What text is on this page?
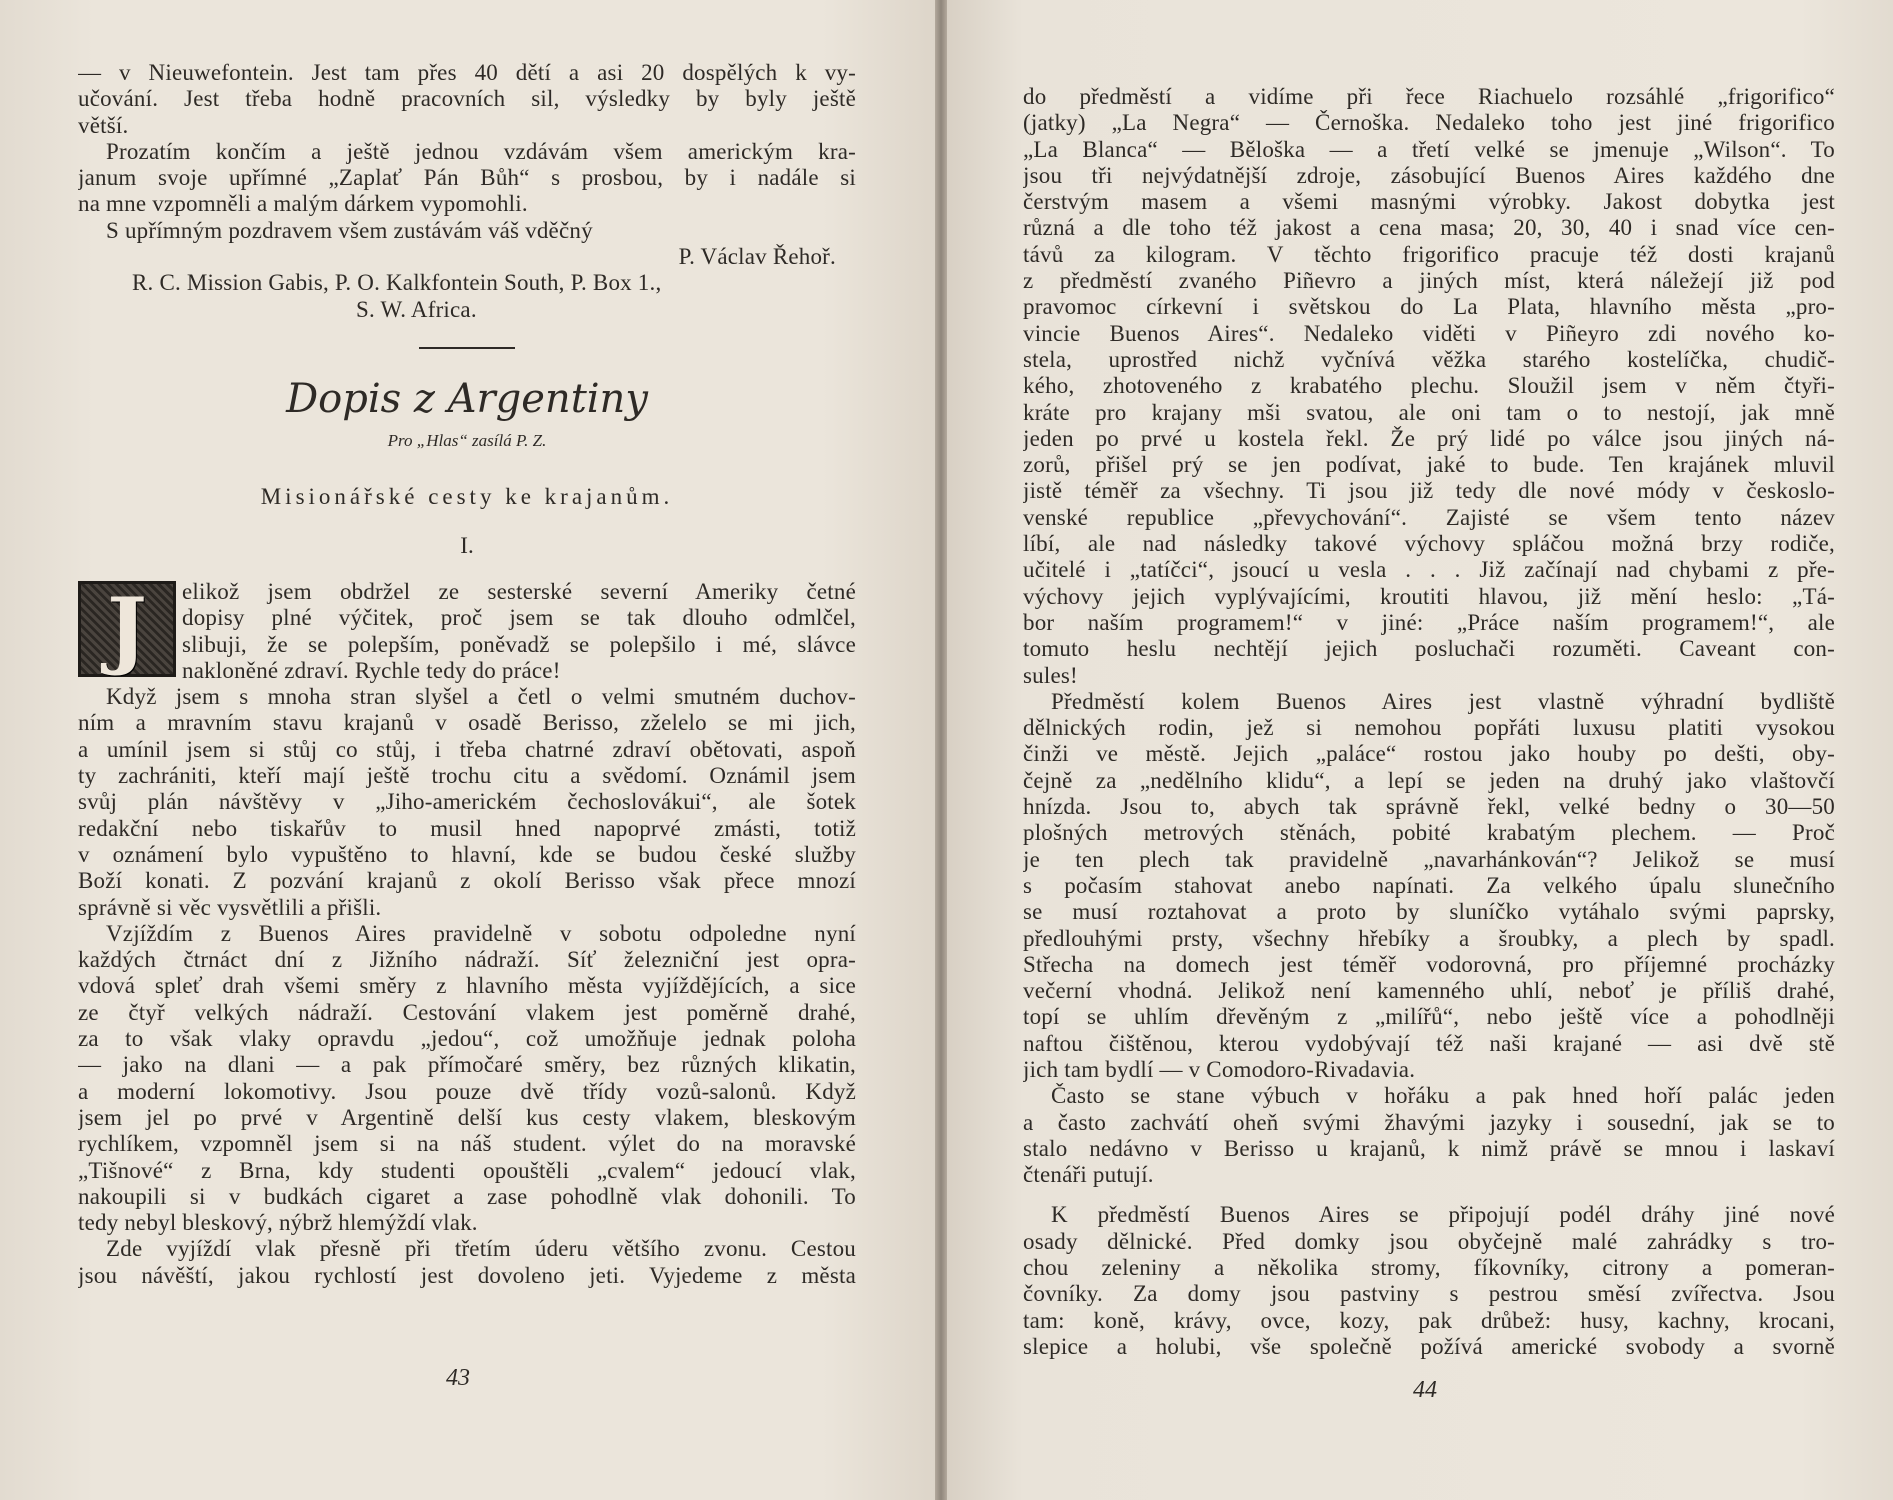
— v Nieuwefontein. Jest tam přes 40 dětí a asi 20 dospělých k vy-
učování. Jest třeba hodně pracovních sil, výsledky by byly ještě
větší.
Prozatím končím a ještě jednou vzdávám všem americkým kra-
janum svoje upřímné „Zaplať Pán Bůh“ s prosbou, by i nadále si
na mne vzpomněli a malým dárkem vypomohli.
S upřímným pozdravem všem zustávám váš vděčný
P. Václav Řehoř.
R. C. Mission Gabis, P. O. Kalkfontein South, P. Box 1.,
S. W. Africa.
Dopis z Argentiny
Pro „Hlas“ zasílá P. Z.
Misionářské cesty ke krajanům.
I.
J	elikož jsem obdržel ze sesterské severní Ameriky četné
dopisy plné výčitek, proč jsem se tak dlouho odmlčel,
slibuji, že se polepším, poněvadž se polepšilo i mé, slávce
nakloněné zdraví. Rychle tedy do práce!
Když jsem s mnoha stran slyšel a četl o velmi smutném duchov-
ním a mravním stavu krajanů v osadě Berisso, zželelo se mi jich,
a umínil jsem si stůj co stůj, i třeba chatrné zdraví obětovati, aspoň
ty zachrániti, kteří mají ještě trochu citu a svědomí. Oznámil jsem
svůj plán návštěvy v „Jiho-americkém čechoslovákui“, ale šotek
redakční nebo tiskařův to musil hned napoprvé zmásti, totiž
v oznámení bylo vypuštěno to hlavní, kde se budou české služby
Boží konati. Z pozvání krajanů z okolí Berisso však přece mnozí
správně si věc vysvětlili a přišli.
Vzjíždím z Buenos Aires pravidelně v sobotu odpoledne nyní
každých čtrnáct dní z Jižního nádraží. Síť železniční jest opra-
vdová spleť drah všemi směry z hlavního města vyjíždějících, a sice
ze čtyř velkých nádraží. Cestování vlakem jest poměrně drahé,
za to však vlaky opravdu „jedou“, což umožňuje jednak poloha
— jako na dlani — a pak přímočaré směry, bez různých klikatin,
a moderní lokomotivy. Jsou pouze dvě třídy vozů-salonů. Když
jsem jel po prvé v Argentině delší kus cesty vlakem, bleskovým
rychlíkem, vzpomněl jsem si na náš student. výlet do na moravské
„Tišnové“ z Brna, kdy studenti opouštěli „cvalem“ jedoucí vlak,
nakoupili si v budkách cigaret a zase pohodlně vlak dohonili. To
tedy nebyl bleskový, nýbrž hlemýždí vlak.
Zde vyjíždí vlak přesně při třetím úderu většího zvonu. Cestou
jsou návěští, jakou rychlostí jest dovoleno jeti. Vyjedeme z města
43
do předměstí a vidíme při řece Riachuelo rozsáhlé „frigorifico“
(jatky) „La Negra“ — Černoška. Nedaleko toho jest jiné frigorifico
„La Blanca“ — Běloška — a třetí velké se jmenuje „Wilson“. To
jsou tři nejvýdatnější zdroje, zásobující Buenos Aires každého dne
čerstvým masem a všemi masnými výrobky. Jakost dobytka jest
různá a dle toho též jakost a cena masa; 20, 30, 40 i snad více cen-
távů za kilogram. V těchto frigorifico pracuje též dosti krajanů
z předměstí zvaného Piñevro a jiných míst, která náležejí již pod
pravomoc církevní i světskou do La Plata, hlavního města „pro-
vincie Buenos Aires“. Nedaleko viděti v Piñeyro zdi nového ko-
stela, uprostřed nichž vyčnívá věžka starého kostelíčka, chudič-
kého, zhotoveného z krabatého plechu. Sloužil jsem v něm čtyři-
kráte pro krajany mši svatou, ale oni tam o to nestojí, jak mně
jeden po prvé u kostela řekl. Že prý lidé po válce jsou jiných ná-
zorů, přišel prý se jen podívat, jaké to bude. Ten krajánek mluvil
jistě téměř za všechny. Ti jsou již tedy dle nové módy v českoslo-
venské republice „převychování“. Zajisté se všem tento název
líbí, ale nad následky takové výchovy spláčou možná brzy rodiče,
učitelé i „tatíčci“, jsoucí u vesla . . . Již začínají nad chybami z pře-
výchovy jejich vyplývajícími, kroutiti hlavou, již mění heslo: „Tá-
bor naším programem!“ v jiné: „Práce naším programem!“, ale
tomuto heslu nechtějí jejich posluchači rozuměti. Caveant con-
sules!
Předměstí kolem Buenos Aires jest vlastně výhradní bydliště
dělnických rodin, jež si nemohou popřáti luxusu platiti vysokou
činži ve městě. Jejich „paláce“ rostou jako houby po dešti, oby-
čejně za „nedělního klidu“, a lepí se jeden na druhý jako vlaštovčí
hnízda. Jsou to, abych tak správně řekl, velké bedny o 30—50
plošných metrových stěnách, pobité krabatým plechem. — Proč
je ten plech tak pravidelně „navarhánkován“? Jelikož se musí
s počasím stahovat anebo napínati. Za velkého úpalu slunečního
se musí roztahovat a proto by sluníčko vytáhalo svými paprsky,
předlouhými prsty, všechny hřebíky a šroubky, a plech by spadl.
Střecha na domech jest téměř vodorovná, pro příjemné procházky
večerní vhodná. Jelikož není kamenného uhlí, neboť je příliš drahé,
topí se uhlím dřevěným z „milířů“, nebo ještě více a pohodlněji
naftou čištěnou, kterou vydobývají též naši krajané — asi dvě stě
jich tam bydlí — v Comodoro-Rivadavia.
Často se stane výbuch v hořáku a pak hned hoří palác jeden
a často zachvátí oheň svými žhavými jazyky i sousední, jak se to
stalo nedávno v Berisso u krajanů, k nimž právě se mnou i laskaví
čtenáři putují.
K předměstí Buenos Aires se připojují podél dráhy jiné nové
osady dělnické. Před domky jsou obyčejně malé zahrádky s tro-
chou zeleniny a několika stromy, fíkovníky, citrony a pomeran-
čovníky. Za domy jsou pastviny s pestrou směsí zvířectva. Jsou
tam: koně, krávy, ovce, kozy, pak drůbež: husy, kachny, krocani,
slepice a holubi, vše společně požívá americké svobody a svorně
44
